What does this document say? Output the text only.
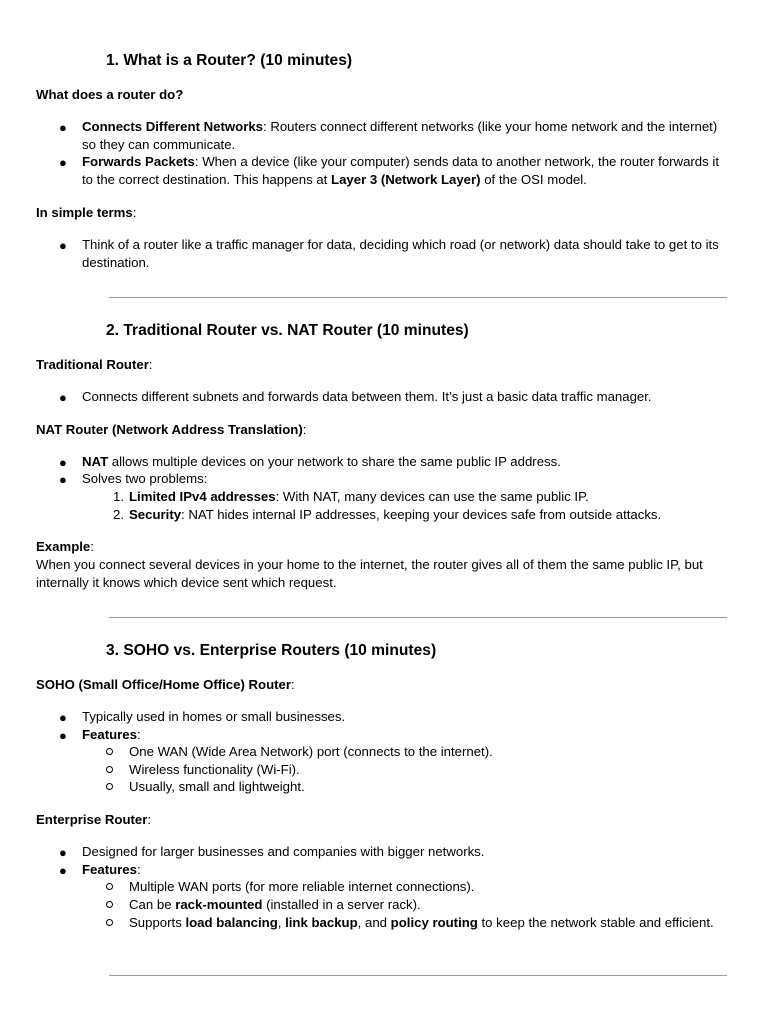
1. What is a Router? (10 minutes)
What does a router do?
● Connects Different Networks: Routers connect different networks (like your home network and the internet) so they can communicate.
● Forwards Packets: When a device (like your computer) sends data to another network, the router forwards it to the correct destination. This happens at Layer 3 (Network Layer) of the OSI model.
In simple terms:
● Think of a router like a traffic manager for data, deciding which road (or network) data should take to get to its destination.
2. Traditional Router vs. NAT Router (10 minutes)
Traditional Router:
● Connects different subnets and forwards data between them. It’s just a basic data traffic manager.
NAT Router (Network Address Translation):
● NAT allows multiple devices on your network to share the same public IP address.
● Solves two problems:
1. Limited IPv4 addresses: With NAT, many devices can use the same public IP.
2. Security: NAT hides internal IP addresses, keeping your devices safe from outside attacks.
Example:
When you connect several devices in your home to the internet, the router gives all of them the same public IP, but internally it knows which device sent which request.
3. SOHO vs. Enterprise Routers (10 minutes)
SOHO (Small Office/Home Office) Router:
● Typically used in homes or small businesses.
● Features:
One WAN (Wide Area Network) port (connects to the internet).
Wireless functionality (Wi-Fi).
Usually, small and lightweight.
Enterprise Router:
● Designed for larger businesses and companies with bigger networks.
● Features:
Multiple WAN ports (for more reliable internet connections).
Can be rack-mounted (installed in a server rack).
Supports load balancing, link backup, and policy routing to keep the network stable and efficient.
